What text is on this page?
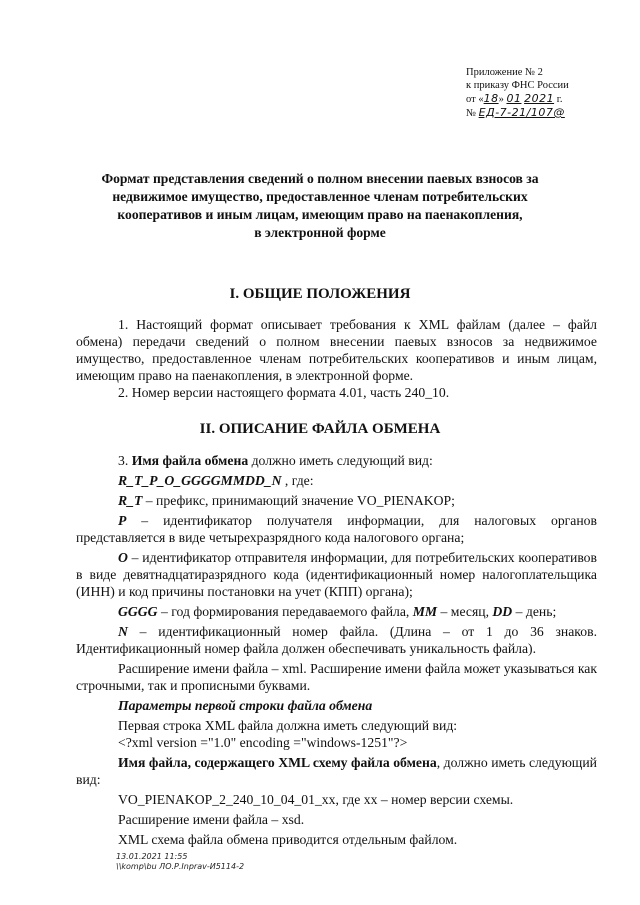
Приложение № 2
к приказу ФНС России
от «18» 01 2021 г.
№ ЕД-7-21/107@
Формат представления сведений о полном внесении паевых взносов за
недвижимое имущество, предоставленное членам потребительских
кооперативов и иным лицам, имеющим право на паенакопления,
в электронной форме
I. ОБЩИЕ ПОЛОЖЕНИЯ

1. Настоящий формат описывает требования к XML файлам (далее – файл обмена) передачи сведений о полном внесении паевых взносов за недвижимое имущество, предоставленное членам потребительских кооперативов и иным лицам, имеющим право на паенакопления, в электронной форме.

2. Номер версии настоящего формата 4.01, часть 240_10.

II. ОПИСАНИЕ ФАЙЛА ОБМЕНА

3. Имя файла обмена должно иметь следующий вид:

R_T_P_O_GGGGMMDD_N , где:

R_T – префикс, принимающий значение VO_PIENAKOP;

P – идентификатор получателя информации, для налоговых органов представляется в виде четырехразрядного кода налогового органа;

O – идентификатор отправителя информации, для потребительских кооперативов в виде девятнадцатиразрядного кода (идентификационный номер налогоплательщика (ИНН) и код причины постановки на учет (КПП) органа);

GGGG – год формирования передаваемого файла, MM – месяц, DD – день;

N – идентификационный номер файла. (Длина – от 1 до 36 знаков. Идентификационный номер файла должен обеспечивать уникальность файла).

Расширение имени файла – xml. Расширение имени файла может указываться как строчными, так и прописными буквами.

Параметры первой строки файла обмена

Первая строка XML файла должна иметь следующий вид:

<?xml version ="1.0" encoding ="windows-1251"?>

Имя файла, содержащего XML схему файла обмена, должно иметь следующий вид:

VO_PIENAKOP_2_240_10_04_01_xx, где хх – номер версии схемы.

Расширение имени файла – xsd.

XML схема файла обмена приводится отдельным файлом.

13.01.2021 11:55
\\komp\bu ЛО.Р.Inprav-И5114-2
